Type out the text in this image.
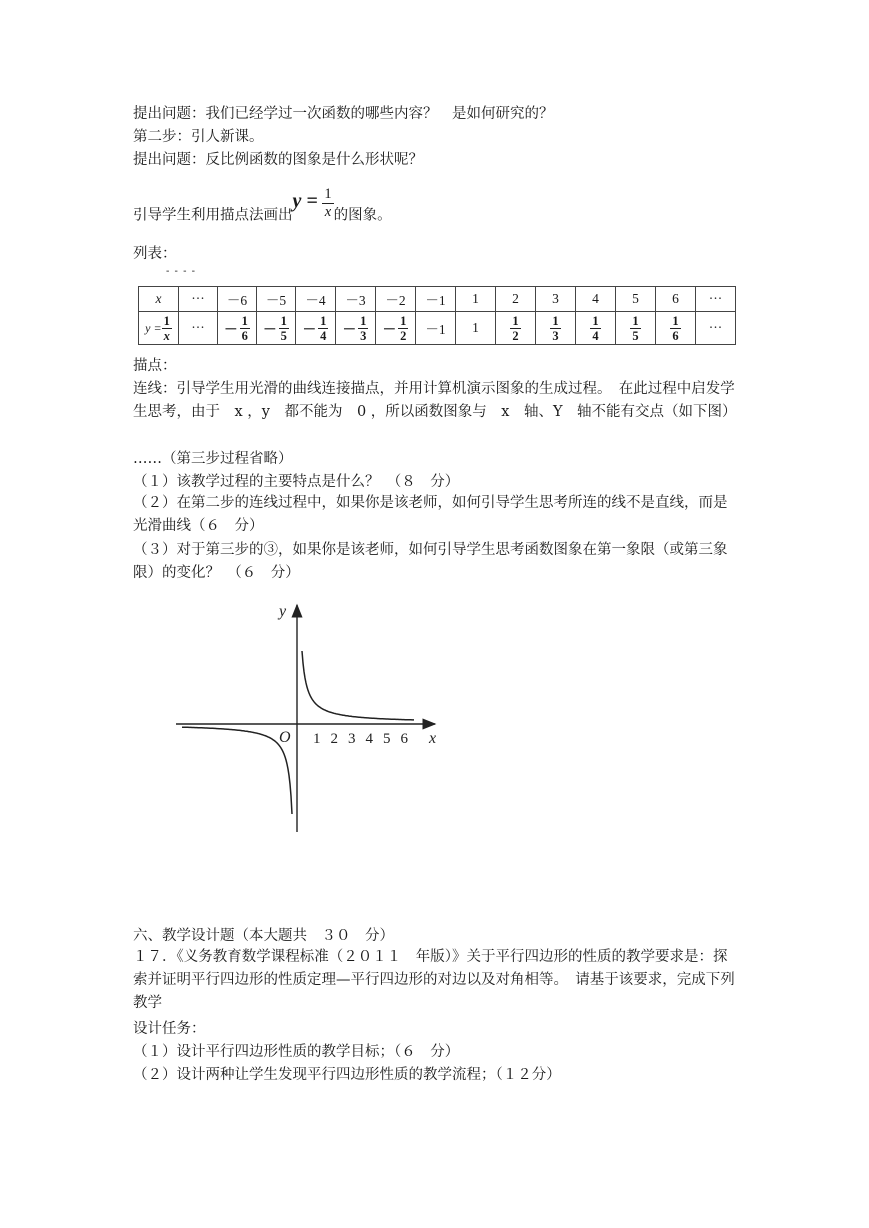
提出问题：我们已经学过一次函数的哪些内容？　是如何研究的？
第二步：引人新课。
提出问题：反比例函数的图象是什么形状呢？
引导学生利用描点法画出$y = \frac{1}{x}$ 的图象。
列表：
- - - -
x	···	－6	－5	－4	－3	－2	－1	1	2	3	4	5	6	···
$y = \frac{1}{x}$	···	－ $\frac{1}{6}$	－ $\frac{1}{5}$	－ $\frac{1}{4}$	－ $\frac{1}{3}$	－ $\frac{1}{2}$	－1	1	$\frac{1}{2}$	$\frac{1}{3}$	$\frac{1}{4}$	$\frac{1}{5}$	$\frac{1}{6}$	···
描点：
连线：引导学生用光滑的曲线连接描点，并用计算机演示图象的生成过程。　在此过程中启发学生思考，由于　x ，y　都不能为　0 ，所以函数图象与　x　轴、Y　轴不能有交点（如下图）
……（第三步过程省略）
（１）该教学过程的主要特点是什么？　（８　分）
（２）在第二步的连线过程中，如果你是该老师，如何引导学生思考所连的线不是直线，而是光滑曲线（６　分）
（３）对于第三步的③，如果你是该老师，如何引导学生思考函数图象在第一象限（或第三象限）的变化？　（６　分）
y
x
O 1 2 3 4 5 6
六、教学设计题（本大题共　３０　分）
１７．《义务教育数学课程标准（２０１１　年版）》关于平行四边形的性质的教学要求是：探索并证明平行四边形的性质定理—平行四边形的对边以及对角相等。　请基于该要求，完成下列教学
设计任务：
（１）设计平行四边形性质的教学目标；（６　分）
（２）设计两种让学生发现平行四边形性质的教学流程；（１２分）
